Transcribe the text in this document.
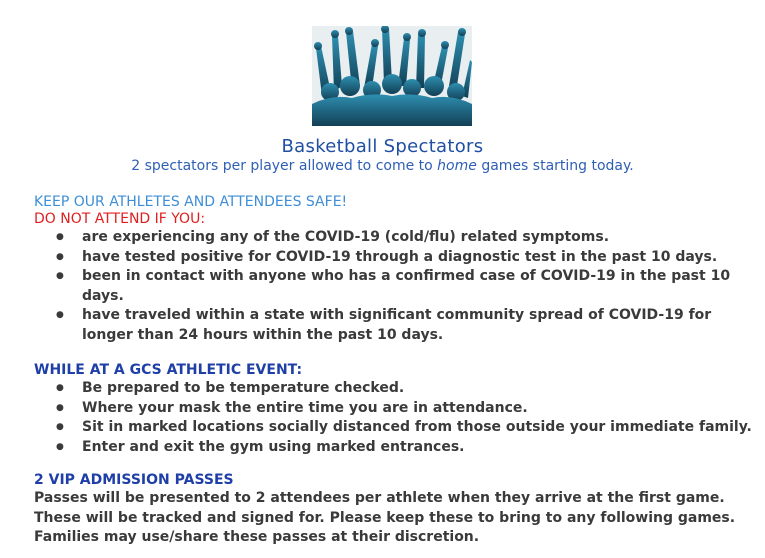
Basketball Spectators
2 spectators per player allowed to come to home games starting today.
KEEP OUR ATHLETES AND ATTENDEES SAFE!
DO NOT ATTEND IF YOU:
● are experiencing any of the COVID-19 (cold/flu) related symptoms.
● have tested positive for COVID-19 through a diagnostic test in the past 10 days.
● been in contact with anyone who has a confirmed case of COVID-19 in the past 10 days.
● have traveled within a state with significant community spread of COVID-19 for longer than 24 hours within the past 10 days.
WHILE AT A GCS ATHLETIC EVENT:
● Be prepared to be temperature checked.
● Where your mask the entire time you are in attendance.
● Sit in marked locations socially distanced from those outside your immediate family.
● Enter and exit the gym using marked entrances.
2 VIP ADMISSION PASSES
Passes will be presented to 2 attendees per athlete when they arrive at the first game. These will be tracked and signed for. Please keep these to bring to any following games. Families may use/share these passes at their discretion.
